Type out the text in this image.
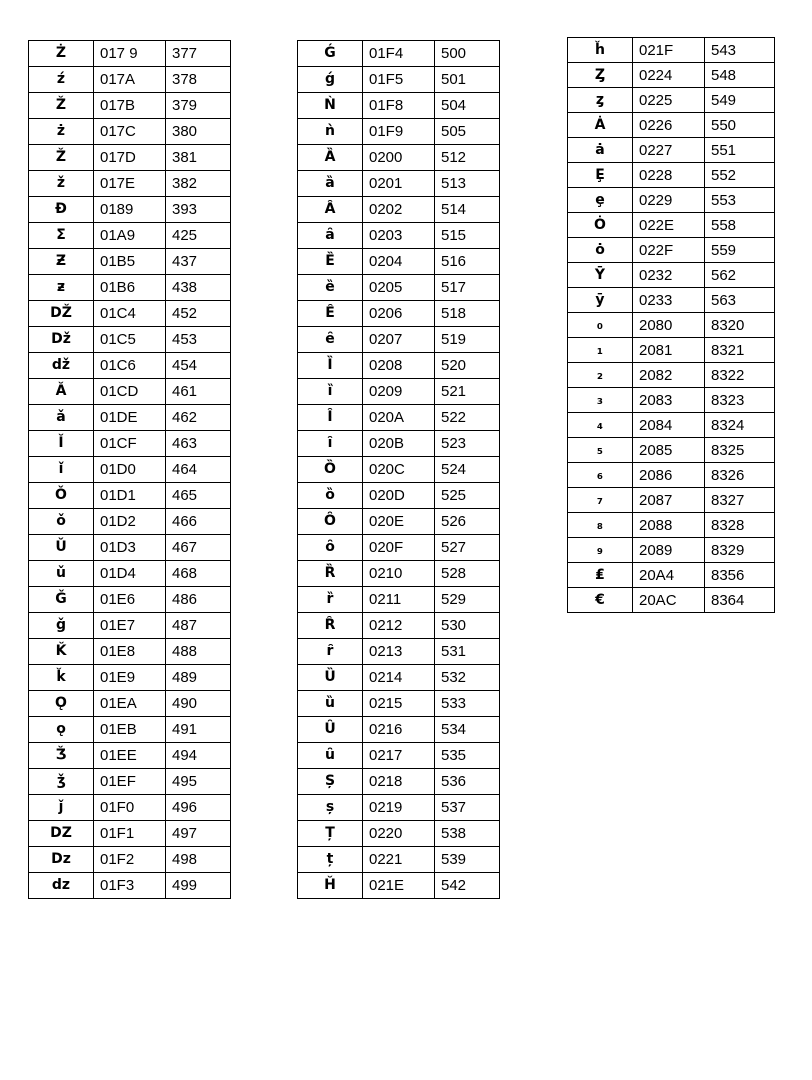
Ż	017 9	377
ź	017A	378
Ž	017B	379
ż	017C	380
Ž	017D	381
ž	017E	382
Đ	0189	393
Σ	01A9	425
Ƶ	01B5	437
ƶ	01B6	438
DŽ	01C4	452
Dž	01C5	453
dž	01C6	454
Ǎ	01CD	461
ǎ	01DE	462
Ǐ	01CF	463
ǐ	01D0	464
Ǒ	01D1	465
ǒ	01D2	466
Ǔ	01D3	467
ǔ	01D4	468
Ǧ	01E6	486
ǧ	01E7	487
Ǩ	01E8	488
ǩ	01E9	489
Ǫ	01EA	490
ǫ	01EB	491
Ǯ	01EE	494
ǯ	01EF	495
ǰ	01F0	496
DZ	01F1	497
Dz	01F2	498
dz	01F3	499
Ǵ	01F4	500
ǵ	01F5	501
Ǹ	01F8	504
ǹ	01F9	505
Ȁ	0200	512
ȁ	0201	513
Ȃ	0202	514
ȃ	0203	515
Ȅ	0204	516
ȅ	0205	517
Ȇ	0206	518
ȇ	0207	519
Ȉ	0208	520
ȉ	0209	521
Ȋ	020A	522
ȋ	020B	523
Ȍ	020C	524
ȍ	020D	525
Ȏ	020E	526
ȏ	020F	527
Ȑ	0210	528
ȑ	0211	529
Ȓ	0212	530
ȓ	0213	531
Ȕ	0214	532
ȕ	0215	533
Ȗ	0216	534
ȗ	0217	535
Ș	0218	536
ș	0219	537
Ț	0220	538
ț	0221	539
Ȟ	021E	542
ȟ	021F	543
Ȥ	0224	548
ȥ	0225	549
Ȧ	0226	550
ȧ	0227	551
Ȩ	0228	552
ȩ	0229	553
Ȯ	022E	558
ȯ	022F	559
Ȳ	0232	562
ȳ	0233	563
₀	2080	8320
₁	2081	8321
₂	2082	8322
₃	2083	8323
₄	2084	8324
₅	2085	8325
₆	2086	8326
₇	2087	8327
₈	2088	8328
₉	2089	8329
₤	20A4	8356
€	20AC	8364
